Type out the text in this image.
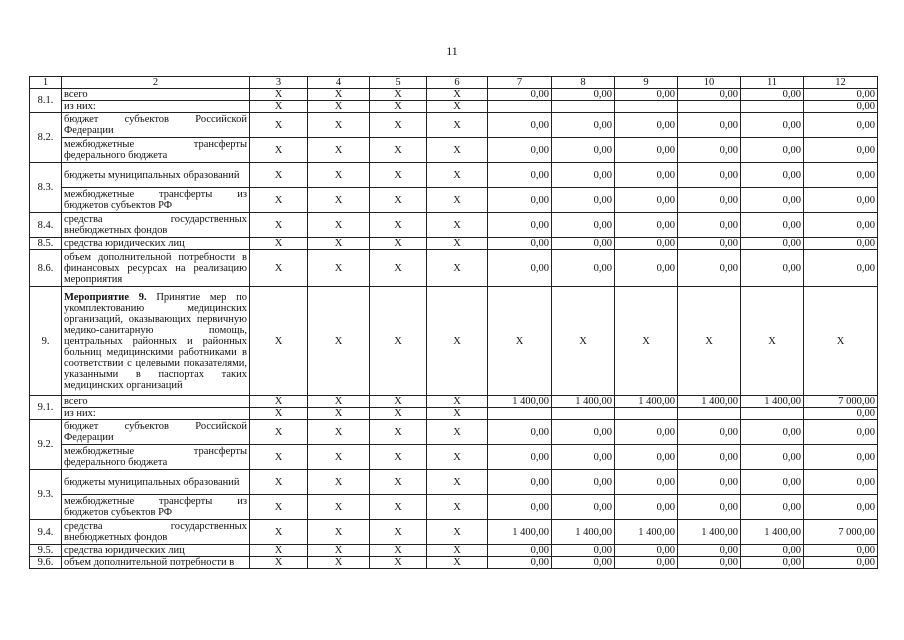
11
1	2	3	4	5	6	7	8	9	10	11	12
8.1.	всего	X	X	X	X	0,00	0,00	0,00	0,00	0,00	0,00

	из них:	X	X	X	X						0,00
8.2.	бюджет субъектов Российской Федерации	X	X	X	X	0,00	0,00	0,00	0,00	0,00	0,00

	межбюджетные трансферты федерального бюджета	X	X	X	X	0,00	0,00	0,00	0,00	0,00	0,00
8.3.	бюджеты муниципальных образований	X	X	X	X	0,00	0,00	0,00	0,00	0,00	0,00

	межбюджетные трансферты из бюджетов субъектов РФ	X	X	X	X	0,00	0,00	0,00	0,00	0,00	0,00
8.4.	средства государственных внебюджетных фондов	X	X	X	X	0,00	0,00	0,00	0,00	0,00	0,00
8.5.	средства юридических лиц	X	X	X	X	0,00	0,00	0,00	0,00	0,00	0,00
8.6.	объем дополнительной потребности в финансовых ресурсах на реализацию мероприятия	X	X	X	X	0,00	0,00	0,00	0,00	0,00	0,00
9.	Мероприятие 9. Принятие мер по укомплектованию медицинских организаций, оказывающих первичную медико-санитарную помощь, центральных районных и районных больниц медицинскими работниками в соответствии с целевыми показателями, указанными в паспортах таких медицинских организаций	X	X	X	X	X	X	X	X	X	X
9.1.	всего	X	X	X	X	1 400,00	1 400,00	1 400,00	1 400,00	1 400,00	7 000,00

	из них:	X	X	X	X						0,00
9.2.	бюджет субъектов Российской Федерации	X	X	X	X	0,00	0,00	0,00	0,00	0,00	0,00

	межбюджетные трансферты федерального бюджета	X	X	X	X	0,00	0,00	0,00	0,00	0,00	0,00
9.3.	бюджеты муниципальных образований	X	X	X	X	0,00	0,00	0,00	0,00	0,00	0,00

	межбюджетные трансферты из бюджетов субъектов РФ	X	X	X	X	0,00	0,00	0,00	0,00	0,00	0,00
9.4.	средства государственных внебюджетных фондов	X	X	X	X	1 400,00	1 400,00	1 400,00	1 400,00	1 400,00	7 000,00
9.5.	средства юридических лиц	X	X	X	X	0,00	0,00	0,00	0,00	0,00	0,00
9.6.	объем дополнительной потребности в	X	X	X	X	0,00	0,00	0,00	0,00	0,00	0,00
